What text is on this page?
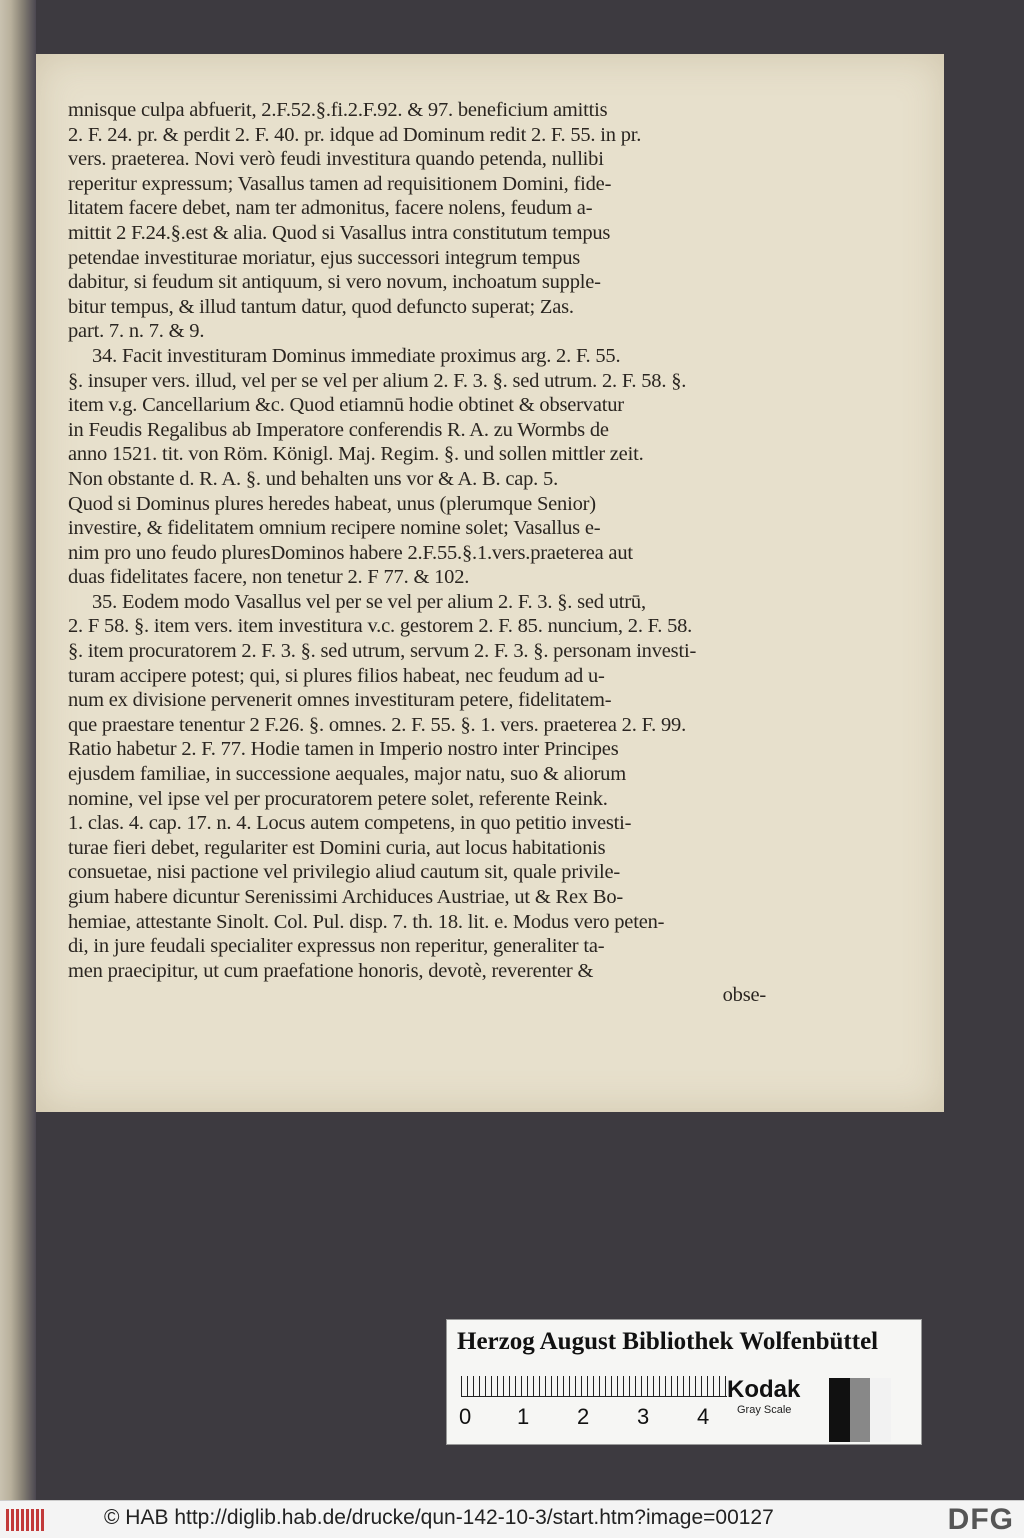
mnisque culpa abfuerit, 2.F.52.§.fi.2.F.92. & 97. beneficium amittis
2. F. 24. pr. & perdit 2. F. 40. pr. idque ad Dominum redit 2. F. 55. in pr.
vers. praeterea. Novi verò feudi investitura quando petenda, nullibi
reperitur expressum; Vasallus tamen ad requisitionem Domini, fide-
litatem facere debet, nam ter admonitus, facere nolens, feudum a-
mittit 2 F.24.§.est & alia. Quod si Vasallus intra constitutum tempus
petendae investiturae moriatur, ejus successori integrum tempus
dabitur, si feudum sit antiquum, si vero novum, inchoatum supple-
bitur tempus, & illud tantum datur, quod defuncto superat; Zas.
part. 7. n. 7. & 9.
34. Facit investituram Dominus immediate proximus arg. 2. F. 55.
§. insuper vers. illud, vel per se vel per alium 2. F. 3. §. sed utrum. 2. F. 58. §.
item v.g. Cancellarium &c. Quod etiamnū hodie obtinet & observatur
in Feudis Regalibus ab Imperatore conferendis R. A. zu Wormbs de
anno 1521. tit. von Röm. Königl. Maj. Regim. §. und sollen mittler zeit.
Non obstante d. R. A. §. und behalten uns vor & A. B. cap. 5.
Quod si Dominus plures heredes habeat, unus (plerumque Senior)
investire, & fidelitatem omnium recipere nomine solet; Vasallus e-
nim pro uno feudo pluresDominos habere 2.F.55.§.1.vers.praeterea aut
duas fidelitates facere, non tenetur 2. F 77. & 102.
35. Eodem modo Vasallus vel per se vel per alium 2. F. 3. §. sed utrū,
2. F 58. §. item vers. item investitura v.c. gestorem 2. F. 85. nuncium, 2. F. 58.
§. item procuratorem 2. F. 3. §. sed utrum, servum 2. F. 3. §. personam investi-
turam accipere potest; qui, si plures filios habeat, nec feudum ad u-
num ex divisione pervenerit omnes investituram petere, fidelitatem-
que praestare tenentur 2 F.26. §. omnes. 2. F. 55. §. 1. vers. praeterea 2. F. 99.
Ratio habetur 2. F. 77. Hodie tamen in Imperio nostro inter Principes
ejusdem familiae, in successione aequales, major natu, suo & aliorum
nomine, vel ipse vel per procuratorem petere solet, referente Reink.
1. clas. 4. cap. 17. n. 4. Locus autem competens, in quo petitio investi-
turae fieri debet, regulariter est Domini curia, aut locus habitationis
consuetae, nisi pactione vel privilegio aliud cautum sit, quale privile-
gium habere dicuntur Serenissimi Archiduces Austriae, ut & Rex Bo-
hemiae, attestante Sinolt. Col. Pul. disp. 7. th. 18. lit. e. Modus vero peten-
di, in jure feudali specialiter expressus non reperitur, generaliter ta-
men praecipitur, ut cum praefatione honoris, devotè, reverenter &
obse-
Herzog August Bibliothek Wolfenbüttel
0 1 2 3 4
Kodak
Gray Scale
© HAB http://diglib.hab.de/drucke/qun-142-10-3/start.htm?image=00127	DFG
